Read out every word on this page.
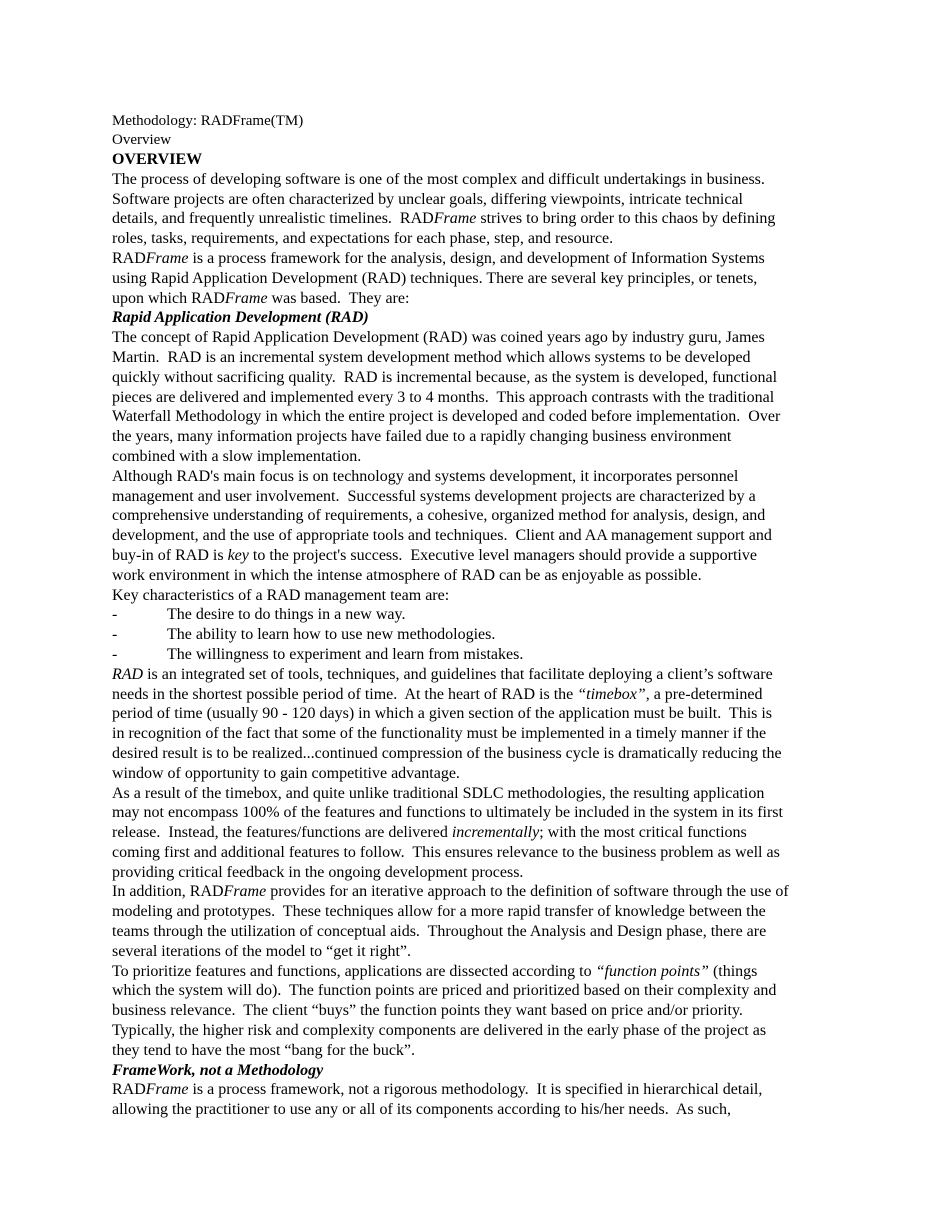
Methodology: RADFrame(TM)
Overview
OVERVIEW
The process of developing software is one of the most complex and difficult undertakings in business.
Software projects are often characterized by unclear goals, differing viewpoints, intricate technical
details, and frequently unrealistic timelines.  RADFrame strives to bring order to this chaos by defining
roles, tasks, requirements, and expectations for each phase, step, and resource.
RADFrame is a process framework for the analysis, design, and development of Information Systems
using Rapid Application Development (RAD) techniques. There are several key principles, or tenets,
upon which RADFrame was based.  They are:
Rapid Application Development (RAD)
The concept of Rapid Application Development (RAD) was coined years ago by industry guru, James
Martin.  RAD is an incremental system development method which allows systems to be developed
quickly without sacrificing quality.  RAD is incremental because, as the system is developed, functional
pieces are delivered and implemented every 3 to 4 months.  This approach contrasts with the traditional
Waterfall Methodology in which the entire project is developed and coded before implementation.  Over
the years, many information projects have failed due to a rapidly changing business environment
combined with a slow implementation.
Although RAD's main focus is on technology and systems development, it incorporates personnel
management and user involvement.  Successful systems development projects are characterized by a
comprehensive understanding of requirements, a cohesive, organized method for analysis, design, and
development, and the use of appropriate tools and techniques.  Client and AA management support and
buy-in of RAD is key to the project's success.  Executive level managers should provide a supportive
work environment in which the intense atmosphere of RAD can be as enjoyable as possible.
Key characteristics of a RAD management team are:
-	The desire to do things in a new way.
-	The ability to learn how to use new methodologies.
-	The willingness to experiment and learn from mistakes.
RAD is an integrated set of tools, techniques, and guidelines that facilitate deploying a client’s software
needs in the shortest possible period of time.  At the heart of RAD is the “timebox”, a pre-determined
period of time (usually 90 - 120 days) in which a given section of the application must be built.  This is
in recognition of the fact that some of the functionality must be implemented in a timely manner if the
desired result is to be realized...continued compression of the business cycle is dramatically reducing the
window of opportunity to gain competitive advantage.
As a result of the timebox, and quite unlike traditional SDLC methodologies, the resulting application
may not encompass 100% of the features and functions to ultimately be included in the system in its first
release.  Instead, the features/functions are delivered incrementally; with the most critical functions
coming first and additional features to follow.  This ensures relevance to the business problem as well as
providing critical feedback in the ongoing development process.
In addition, RADFrame provides for an iterative approach to the definition of software through the use of
modeling and prototypes.  These techniques allow for a more rapid transfer of knowledge between the
teams through the utilization of conceptual aids.  Throughout the Analysis and Design phase, there are
several iterations of the model to “get it right”.
To prioritize features and functions, applications are dissected according to “function points” (things
which the system will do).  The function points are priced and prioritized based on their complexity and
business relevance.  The client “buys” the function points they want based on price and/or priority.
Typically, the higher risk and complexity components are delivered in the early phase of the project as
they tend to have the most “bang for the buck”.
FrameWork, not a Methodology
RADFrame is a process framework, not a rigorous methodology.  It is specified in hierarchical detail,
allowing the practitioner to use any or all of its components according to his/her needs.  As such,
